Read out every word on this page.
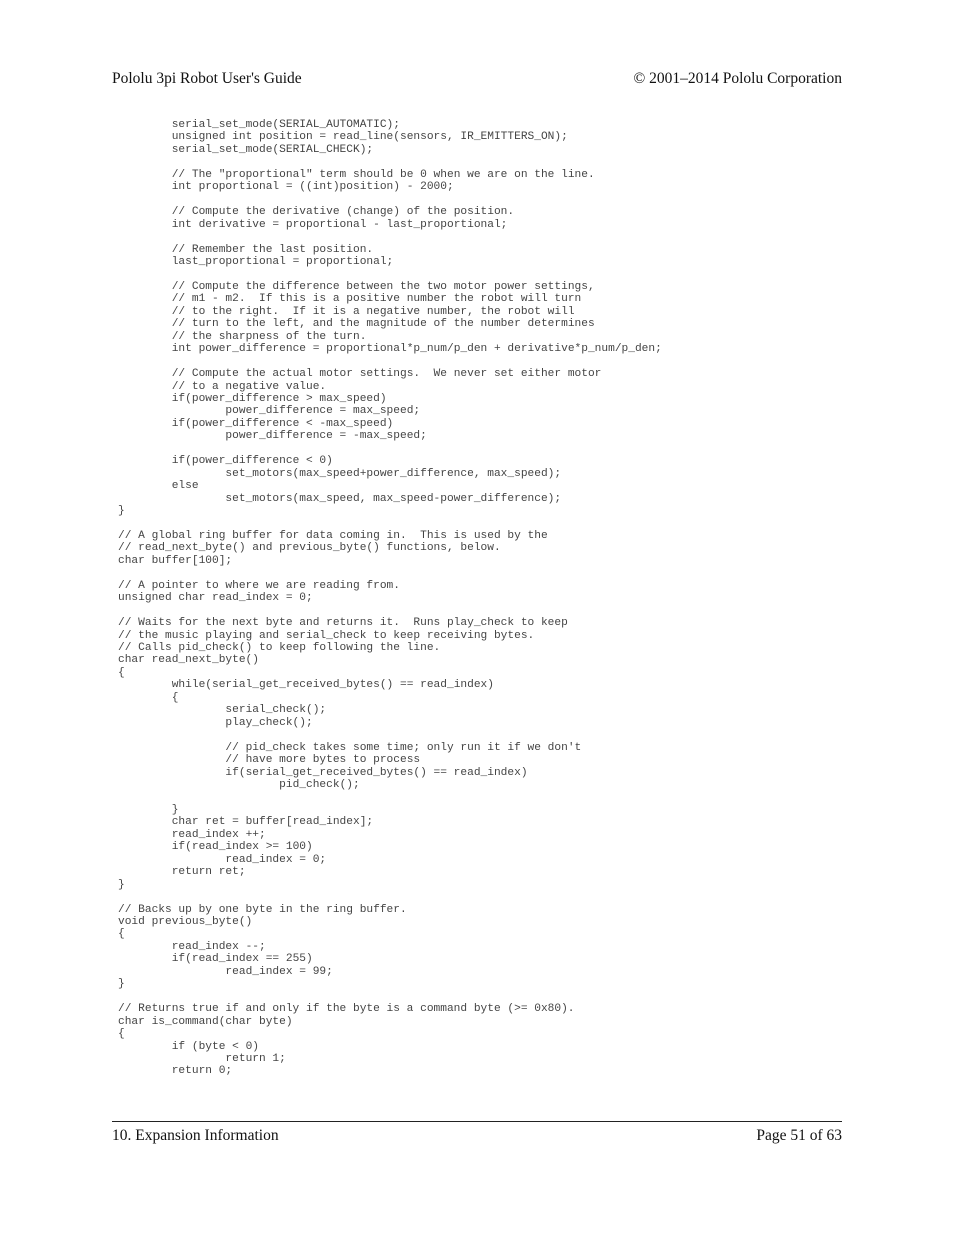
Pololu 3pi Robot User's Guide	© 2001–2014 Pololu Corporation
	serial_set_mode(SERIAL_AUTOMATIC);
	unsigned int position = read_line(sensors, IR_EMITTERS_ON);
	serial_set_mode(SERIAL_CHECK);

	// The "proportional" term should be 0 when we are on the line.
	int proportional = ((int)position) - 2000;

	// Compute the derivative (change) of the position.
	int derivative = proportional - last_proportional;

	// Remember the last position.
	last_proportional = proportional;

	// Compute the difference between the two motor power settings,
	// m1 - m2.  If this is a positive number the robot will turn
	// to the right.  If it is a negative number, the robot will
	// turn to the left, and the magnitude of the number determines
	// the sharpness of the turn.
	int power_difference = proportional*p_num/p_den + derivative*p_num/p_den;

	// Compute the actual motor settings.  We never set either motor
	// to a negative value.
	if(power_difference > max_speed)
		power_difference = max_speed;
	if(power_difference < -max_speed)
		power_difference = -max_speed;

	if(power_difference < 0)
		set_motors(max_speed+power_difference, max_speed);
	else
		set_motors(max_speed, max_speed-power_difference);
}

// A global ring buffer for data coming in.  This is used by the
// read_next_byte() and previous_byte() functions, below.
char buffer[100];

// A pointer to where we are reading from.
unsigned char read_index = 0;

// Waits for the next byte and returns it.  Runs play_check to keep
// the music playing and serial_check to keep receiving bytes.
// Calls pid_check() to keep following the line.
char read_next_byte()
{
	while(serial_get_received_bytes() == read_index)
	{
		serial_check();
		play_check();

		// pid_check takes some time; only run it if we don't
		// have more bytes to process
		if(serial_get_received_bytes() == read_index)
			pid_check();

	}
	char ret = buffer[read_index];
	read_index ++;
	if(read_index >= 100)
		read_index = 0;
	return ret;
}

// Backs up by one byte in the ring buffer.
void previous_byte()
{
	read_index --;
	if(read_index == 255)
		read_index = 99;
}

// Returns true if and only if the byte is a command byte (>= 0x80).
char is_command(char byte)
{
	if (byte < 0)
		return 1;
	return 0;
10. Expansion Information	Page 51 of 63
